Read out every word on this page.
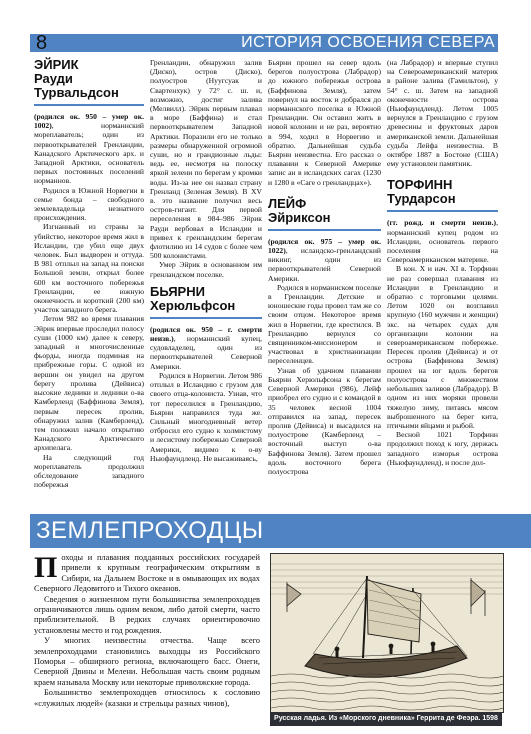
8	ИСТОРИЯ ОСВОЕНИЯ СЕВЕРА
ЭЙРИК
Рауди
Турвальдсон

(родился ок. 950 – умер ок. 1002), норманнский мореплаватель; один из первооткрывателей Гренландии, Канадского Арктического арх. и Западной Арктики, основатель первых постоянных поселений норманнов.

Родился в Южной Норвегии в семье бонда – свободного землевладельца незнатного происхождения.

Изгнанный из страны за убийство, некоторое время жил в Исландии, где убил еще двух человек. Был выдворен и оттуда. В 981 отплыл на запад на поиски Большой земли, открыл более 600 км восточного побережья Гренландии, ее южную оконечность и короткий (200 км) участок западного берега.

Летом 982 во время плавания Эйрик впервые проследил полосу суши (1000 км) далее к северу, западный и многочисленные фьорды, иногда подминая на прибрежные горы. С одной из вершин он увидел на другом берегу пролива (Дейвиса) высокие ледники и ледники о-ва Камберленд (Баффинова Земля), первым пересек пролив, обнаружил залив (Камберленд), тем положил начало открытию Канадского Арктического архипелага.

На следующий год мореплаватель продолжил обследование западного побережья

Гренландии, обнаружил залив (Диско), остров (Диско), полуостров (Нуугсуак и Свартенхук) у 72° с. ш. и, возможно, достиг залива (Мелвилл). Эйрик первым плавал в море (Баффина) и стал первооткрывателем Западной Арктики. Поразили его не только размеры обнаруженной огромной суши, но и грандиозные льды: ведь ее, несмотря на полоску яркой зелени по берегам у кромки воды. Из-за нее он назвал страну Гренланд (Зеленая Земля). В XV в. это название получил весь остров-гигант. Для первой переселения в 984–986 Эйрик Рауди вербовал в Исландии и привел к гренландским берегам флотилию из 14 судов с более чем 500 колонистами.

Умер Эйрик в основанном им гренландском поселке.

БЬЯРНИ
Херюльфсон

(родился ок. 950 – г. смерти неизв.), норманнский купец, судовладелец, один из первооткрывателей Северной Америки.

Родился в Норвегии. Летом 986 отплыл в Исландию с грузом для своего отца-колониста. Узнав, что тот переселился в Гренландию, Бьярни направился туда же. Сильный многодневный ветер отбросил его судно к холмистому и лесистому побережью Северной Америки, видимо к о-ву Ньюфаундленд. Не высаживаясь,

Бьярни прошел на север вдоль берегов полуострова (Лабрадор) до южного побережья острова (Баффинова Земля), затем повернул на восток и добрался до норманнского поселка в Южной Гренландии. Он оставил жить в новой колонии и не раз, вероятно в 994, ходил в Норвегию и обратно. Дальнейшая судьба Бьярни неизвестна. Его рассказ о плавании к Северной Америке запис ан в исландских сагах (1230 и 1280 в «Саге о гренландцах»).

ЛЕЙФ
Эйриксон

(родился ок. 975 – умер ок. 1022), исландско-гренландский викинг, один из первооткрывателей Северной Америки.

Родился в норманнском поселке в Гренландии. Детские и юношеские годы провел там же со своим отцом. Некоторое время жил в Норвегии, где крестился. В Гренландию вернулся со священником-миссионером и участвовал в христианизации переселенцев.

Узнав об удачном плавании Бьярни Херюльфсона к берегам Северной Америки (986), Лейф приобрел его судно и с командой в 35 человек весной 1004 отправился на запад, пересек пролив (Дейвиса) и высадился на полуострове (Камберленд – восточный выступ о-ва Баффинова Земля). Затем прошел вдоль восточного берега полуострова

(на Лабрадор) и впервые ступил на Североамериканский материк в районе залива (Гамильтон), у 54° с. ш. Затем на западной оконечности острова (Ньюфаундленд). Летом 1005 вернулся в Гренландию с грузом древесины и фруктовых даров американской земли. Дальнейшая судьба Лейфа неизвестна. В октябре 1887 в Бостоне (США) ему установлен памятник.

ТОРФИНН
Турдарсон

(гг. рожд. и смерти неизв.), норманнский купец родом из Исландии, основатель первого поселения на Североамериканском материке.

В кон. X и нач. XI в. Торфинн не раз совершал плавания из Исландии в Гренландию и обратно с торговыми целями. Летом 1020 он возглавил крупную (160 мужчин и женщин) экс. на четырех судах для организации колонии на североамериканском побережье. Пересек пролив (Дейвиса) и от острова (Баффинова Земля) прошел на юг вдоль берегов полуострова с множеством небольших заливов (Лабрадор). В одном из них моряки провели тяжелую зиму, питаясь мясом выброшенного на берег кита, птичьими яйцами и рыбой.

Весной 1021 Торфинн продолжил поход к югу, держась западного изморья острова (Ньюфаундленд), и после дол-

ЗЕМЛЕПРОХОДЦЫ

Походы и плавания подданных российских государей привели к крупным географическим открытиям в Сибири, на Дальнем Востоке и в омывающих их водах Северного Ледовитого и Тихого океанов.

Сведения о жизненном пути большинства землепроходцев ограничиваются лишь одним веком, либо датой смерти, часто приблизительной. В редких случаях ориентировочно установлены место и год рождения.

У многих неизвестны отчества. Чаще всего землепроходцами становились выходцы из Российского Поморья – обширного региона, включающего басс. Онеги, Северной Двины и Мелени. Небольшая часть своим родным краем называла Москву или некоторые приволжские города.

Большинство землепроходцев относилось к сословию «служилых людей» (казаки и стрельцы разных чинов),

Русская ладья. Из «Морского дневника» Геррита де Феэра. 1598
